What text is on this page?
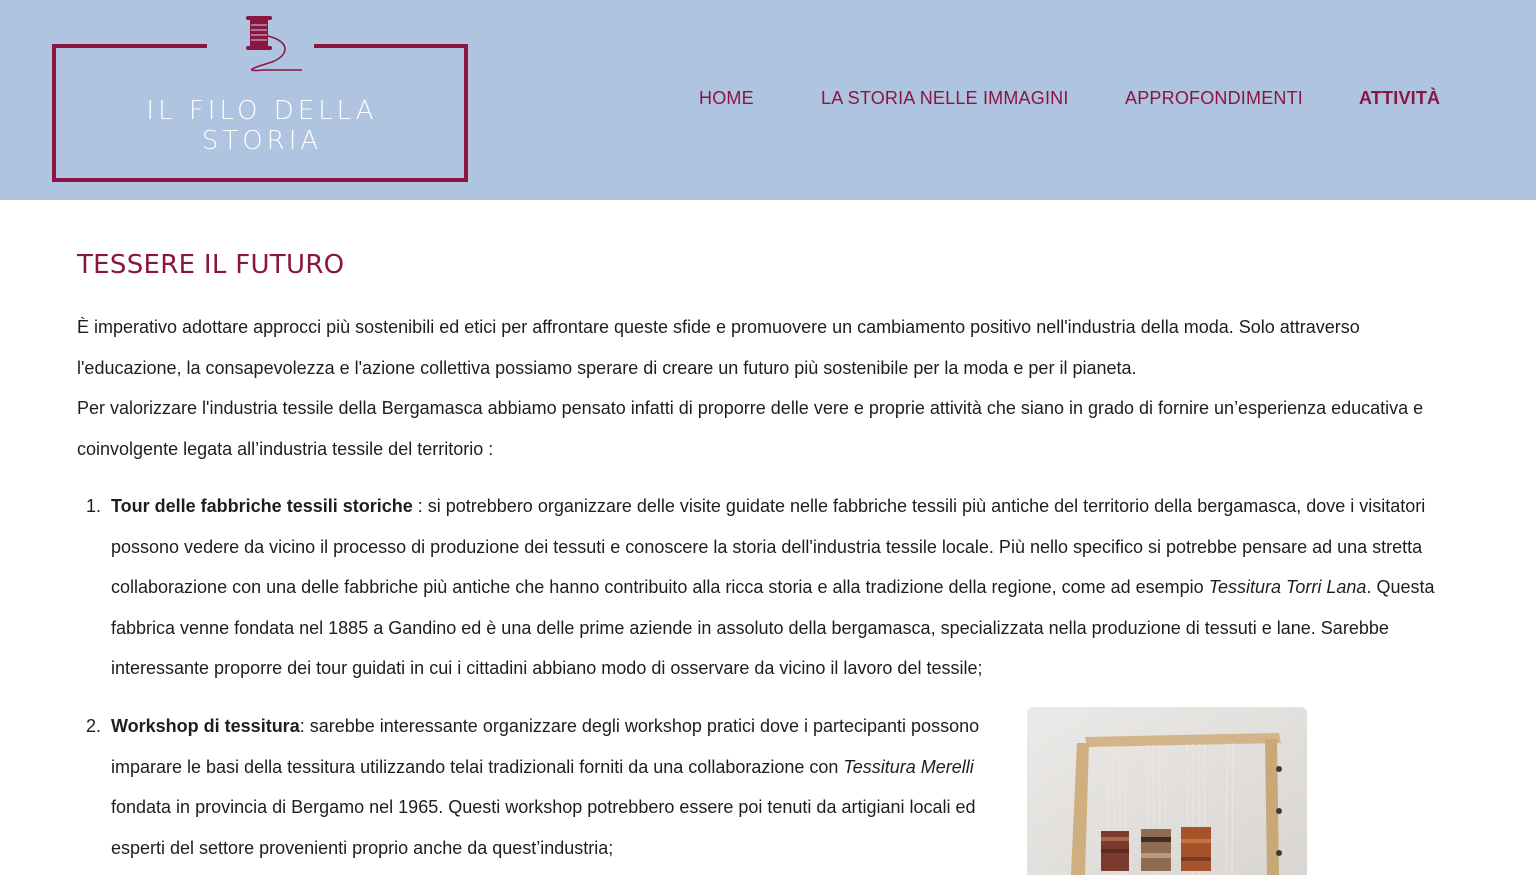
IL FILO DELLA STORIA
HOME	LA STORIA NELLE IMMAGINI	APPROFONDIMENTI	ATTIVITÀ
TESSERE IL FUTURO

È imperativo adottare approcci più sostenibili ed etici per affrontare queste sfide e promuovere un cambiamento positivo nell'industria della moda. Solo attraverso l'educazione, la consapevolezza e l'azione collettiva possiamo sperare di creare un futuro più sostenibile per la moda e per il pianeta.

Per valorizzare l'industria tessile della Bergamasca abbiamo pensato infatti di proporre delle vere e proprie attività che siano in grado di fornire un’esperienza educativa e coinvolgente legata all’industria tessile del territorio :

1. Tour delle fabbriche tessili storiche : si potrebbero organizzare delle visite guidate nelle fabbriche tessili più antiche del territorio della bergamasca, dove i visitatori possono vedere da vicino il processo di produzione dei tessuti e conoscere la storia dell'industria tessile locale. Più nello specifico si potrebbe pensare ad una stretta collaborazione con una delle fabbriche più antiche che hanno contribuito alla ricca storia e alla tradizione della regione, come ad esempio Tessitura Torri Lana. Questa fabbrica venne fondata nel 1885 a Gandino ed è una delle prime aziende in assoluto della bergamasca, specializzata nella produzione di tessuti e lane. Sarebbe interessante proporre dei tour guidati in cui i cittadini abbiano modo di osservare da vicino il lavoro del tessile;
2. Workshop di tessitura: sarebbe interessante organizzare degli workshop pratici dove i partecipanti possono imparare le basi della tessitura utilizzando telai tradizionali forniti da una collaborazione con Tessitura Merelli fondata in provincia di Bergamo nel 1965. Questi workshop potrebbero essere poi tenuti da artigiani locali ed esperti del settore provenienti proprio anche da quest’industria;
